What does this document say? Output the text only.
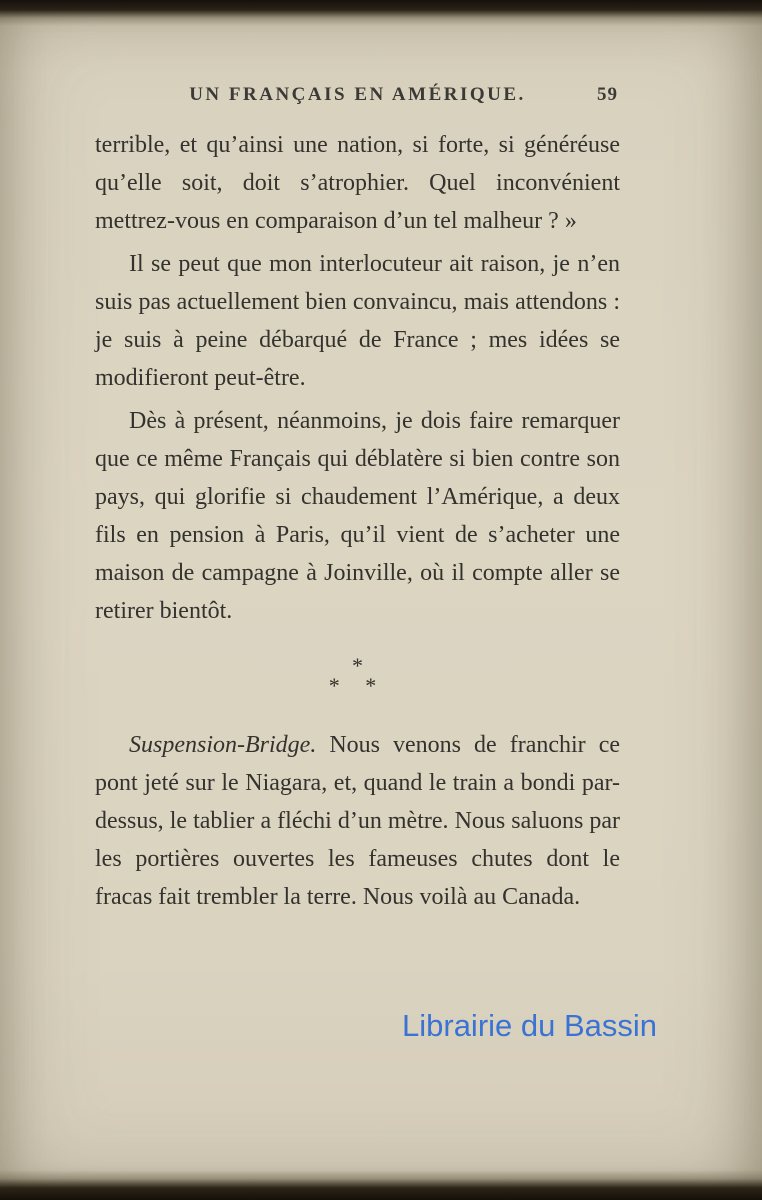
UN FRANÇAIS EN AMÉRIQUE.	59

terrible, et qu’ainsi une nation, si forte, si généréuse qu’elle soit, doit s’atrophier. Quel inconvénient mettrez-vous en comparaison d’un tel malheur ? »

Il se peut que mon interlocuteur ait raison, je n’en suis pas actuellement bien convaincu, mais attendons : je suis à peine débarqué de France ; mes idées se modifieront peut-être.

Dès à présent, néanmoins, je dois faire remarquer que ce même Français qui déblatère si bien contre son pays, qui glorifie si chaudement l’Amérique, a deux fils en pension à Paris, qu’il vient de s’acheter une maison de campagne à Joinville, où il compte aller se retirer bientôt.

*
* *

Suspension-Bridge. Nous venons de franchir ce pont jeté sur le Niagara, et, quand le train a bondi par-dessus, le tablier a fléchi d’un mètre. Nous saluons par les portières ouvertes les fameuses chutes dont le fracas fait trembler la terre. Nous voilà au Canada.

Librairie du Bassin
